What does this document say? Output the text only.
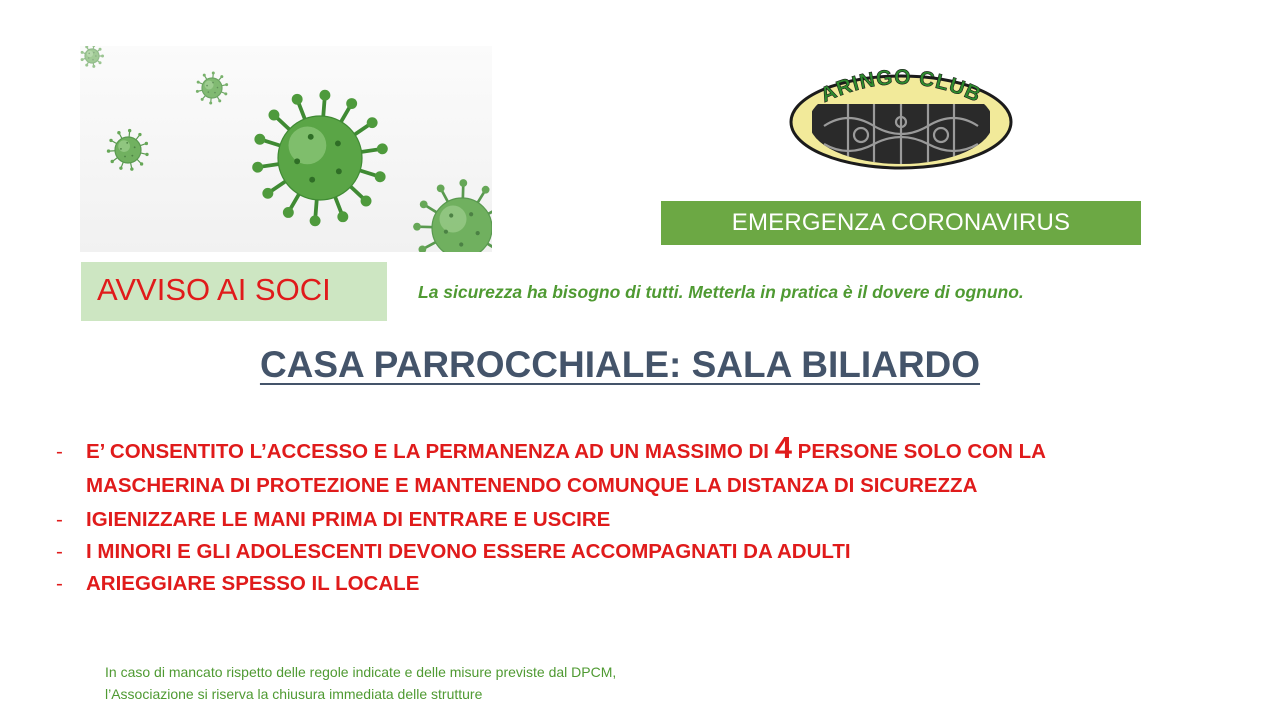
ARINGO CLUB
EMERGENZA CORONAVIRUS
AVVISO AI SOCI	La sicurezza ha bisogno di tutti. Metterla in pratica è il dovere di ognuno.
CASA PARROCCHIALE: SALA BILIARDO
- E’ CONSENTITO L’ACCESSO E LA PERMANENZA AD UN MASSIMO DI 4 PERSONE SOLO CON LA
MASCHERINA DI PROTEZIONE E MANTENENDO COMUNQUE LA DISTANZA DI SICUREZZA
- IGIENIZZARE LE MANI PRIMA DI ENTRARE E USCIRE
- I MINORI E GLI ADOLESCENTI DEVONO ESSERE ACCOMPAGNATI DA ADULTI
- ARIEGGIARE SPESSO IL LOCALE
In caso di mancato rispetto delle regole indicate e delle misure previste dal DPCM,
l’Associazione si riserva la chiusura immediata delle strutture
